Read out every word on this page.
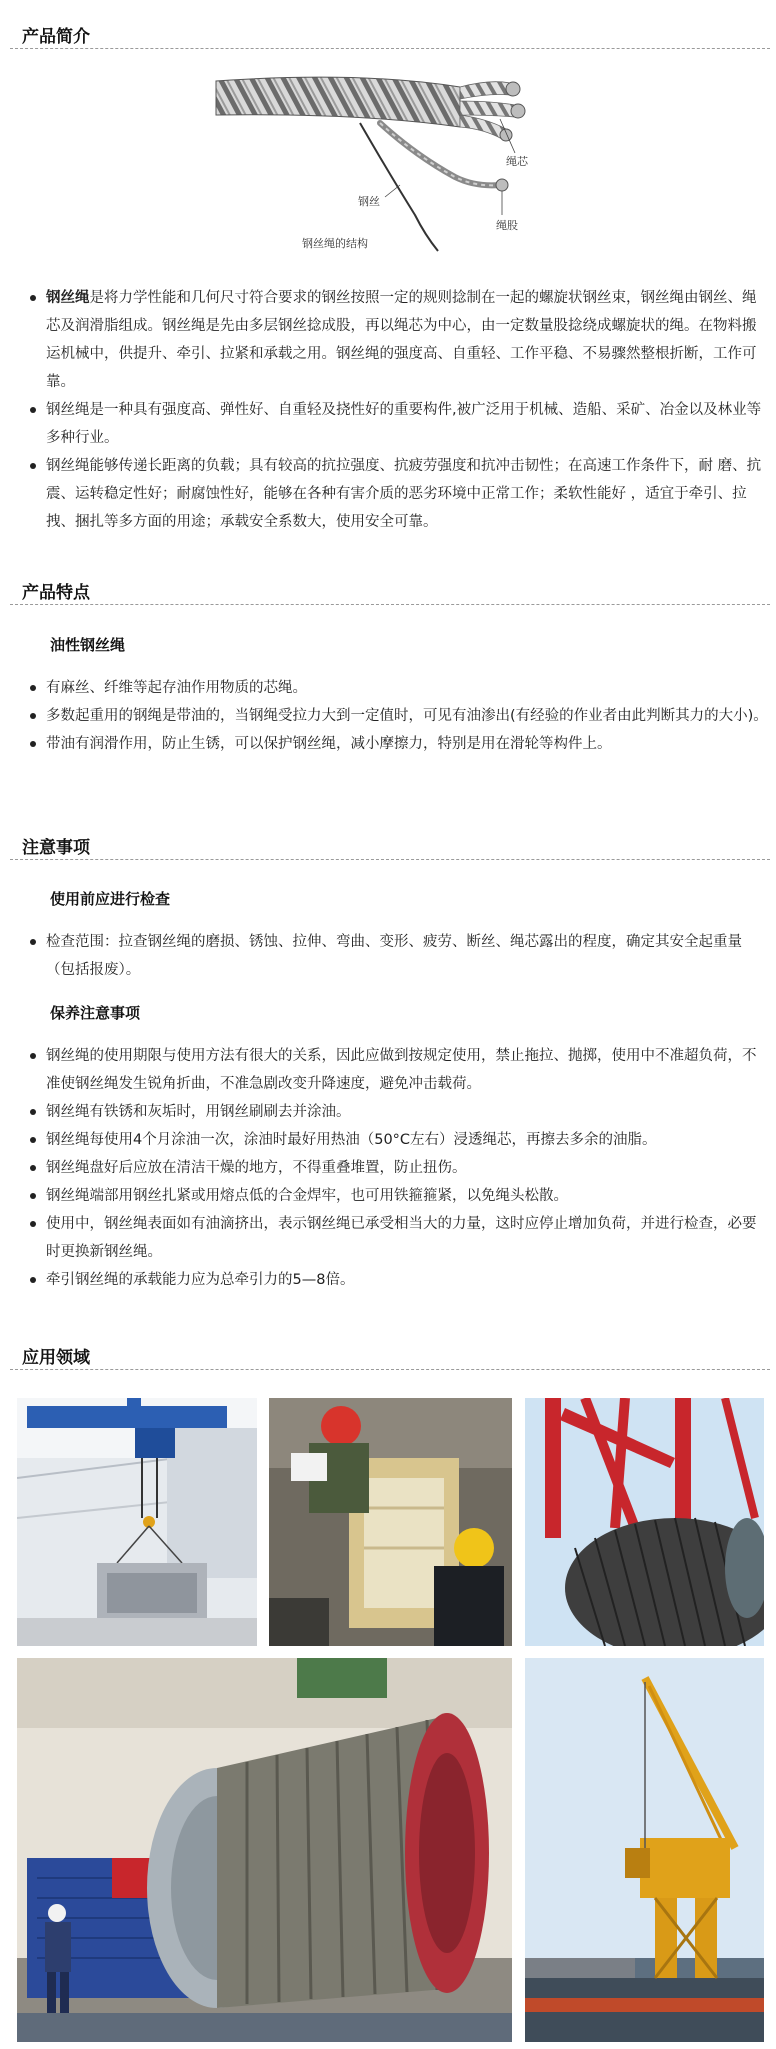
产品简介
绳芯
钢丝
绳股
钢丝绳的结构
钢丝绳是将力学性能和几何尺寸符合要求的钢丝按照一定的规则捻制在一起的螺旋状钢丝束，钢丝绳由钢丝、绳芯及润滑脂组成。钢丝绳是先由多层钢丝捻成股，再以绳芯为中心，由一定数量股捻绕成螺旋状的绳。在物料搬运机械中，供提升、牵引、拉紧和承载之用。钢丝绳的强度高、自重轻、工作平稳、不易骤然整根折断，工作可靠。
钢丝绳是一种具有强度高、弹性好、自重轻及挠性好的重要构件,被广泛用于机械、造船、采矿、冶金以及林业等多种行业。
钢丝绳能够传递长距离的负载；具有较高的抗拉强度、抗疲劳强度和抗冲击韧性；在高速工作条件下，耐 磨、抗震、运转稳定性好；耐腐蚀性好，能够在各种有害介质的恶劣环境中正常工作；柔软性能好 ，适宜于牵引、拉拽、捆扎等多方面的用途；承载安全系数大，使用安全可靠。
产品特点
油性钢丝绳
有麻丝、纤维等起存油作用物质的芯绳。
多数起重用的钢绳是带油的，当钢绳受拉力大到一定值时，可见有油渗出(有经验的作业者由此判断其力的大小)。
带油有润滑作用，防止生锈，可以保护钢丝绳，减小摩擦力，特别是用在滑轮等构件上。
注意事项
使用前应进行检查
检查范围：拉查钢丝绳的磨损、锈蚀、拉伸、弯曲、变形、疲劳、断丝、绳芯露出的程度，确定其安全起重量（包括报废）。
保养注意事项
钢丝绳的使用期限与使用方法有很大的关系，因此应做到按规定使用，禁止拖拉、抛掷，使用中不准超负荷，不准使钢丝绳发生锐角折曲，不准急剧改变升降速度，避免冲击载荷。
钢丝绳有铁锈和灰垢时，用钢丝刷刷去并涂油。
钢丝绳每使用4个月涂油一次，涂油时最好用热油（50°C左右）浸透绳芯，再擦去多余的油脂。
钢丝绳盘好后应放在清洁干燥的地方，不得重叠堆置，防止扭伤。
钢丝绳端部用钢丝扎紧或用熔点低的合金焊牢，也可用铁箍箍紧，以免绳头松散。
使用中，钢丝绳表面如有油滴挤出，表示钢丝绳已承受相当大的力量，这时应停止增加负荷，并进行检查，必要时更换新钢丝绳。
牵引钢丝绳的承载能力应为总牵引力的5—8倍。
应用领域
